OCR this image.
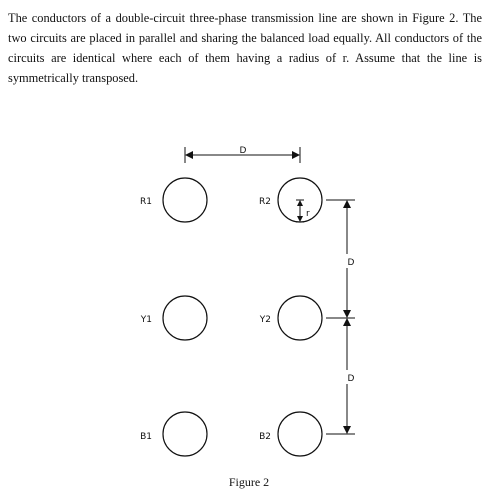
The conductors of a double-circuit three-phase transmission line are shown in Figure 2. The
two circuits are placed in parallel and sharing the balanced load equally. All conductors of the
circuits are identical where each of them having a radius of r. Assume that the line is
symmetrically transposed.
D
R1
Y1
B1
R2
Y2
B2
r
D
D
Figure 2
